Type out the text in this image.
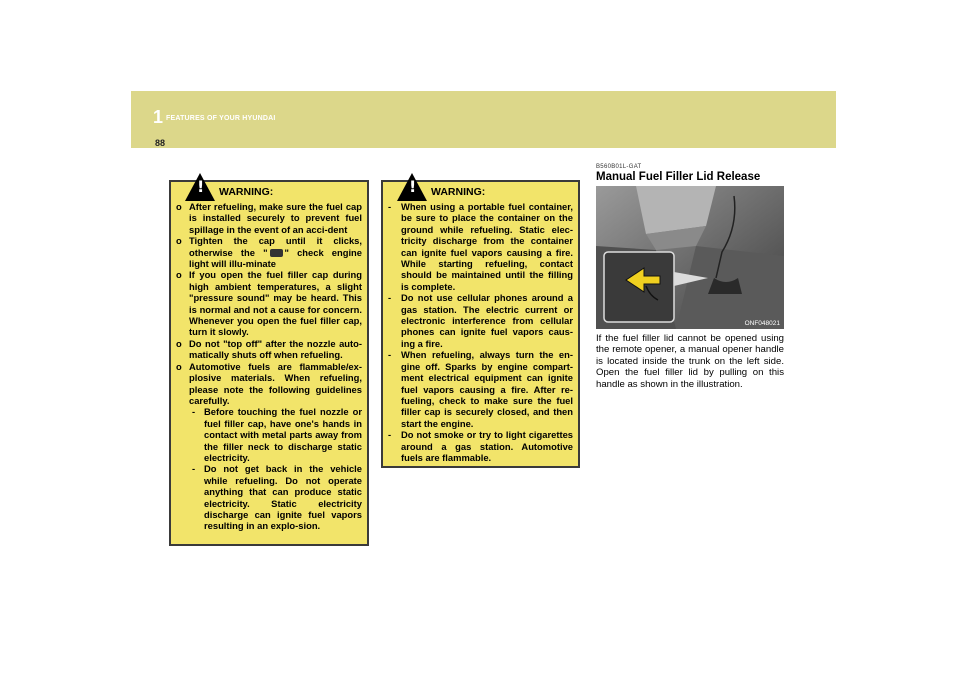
1 FEATURES OF YOUR HYUNDAI
88
! WARNING:
o After refueling, make sure the fuel cap is installed securely to prevent fuel spillage in the event of an acci-dent
o Tighten the cap until it clicks, otherwise the " " check engine light will illu-minate
o If you open the fuel filler cap during high ambient temperatures, a slight "pressure sound" may be heard. This is normal and not a cause for concern. Whenever you open the fuel filler cap, turn it slowly.
o Do not "top off" after the nozzle auto-matically shuts off when refueling.
o Automotive fuels are flammable/ex-plosive materials. When refueling, please note the following guidelines carefully.
- Before touching the fuel nozzle or fuel filler cap, have one's hands in contact with metal parts away from the filler neck to discharge static electricity.
- Do not get back in the vehicle while refueling. Do not operate anything that can produce static electricity. Static electricity discharge can ignite fuel vapors resulting in an explo-sion.
! WARNING:
- When using a portable fuel container, be sure to place the container on the ground while refueling. Static elec-tricity discharge from the container can ignite fuel vapors causing a fire. While starting refueling, contact should be maintained until the filling is complete.
- Do not use cellular phones around a gas station. The electric current or electronic interference from cellular phones can ignite fuel vapors caus-ing a fire.
- When refueling, always turn the en-gine off. Sparks by engine compart-ment electrical equipment can ignite fuel vapors causing a fire. After re-fueling, check to make sure the fuel filler cap is securely closed, and then start the engine.
- Do not smoke or try to light cigarettes around a gas station. Automotive fuels are flammable.
B560B01L-GAT
Manual Fuel Filler Lid Release
ONF048021

If the fuel filler lid cannot be opened using the remote opener, a manual opener handle is located inside the trunk on the left side. Open the fuel filler lid by pulling on this handle as shown in the illustration.
